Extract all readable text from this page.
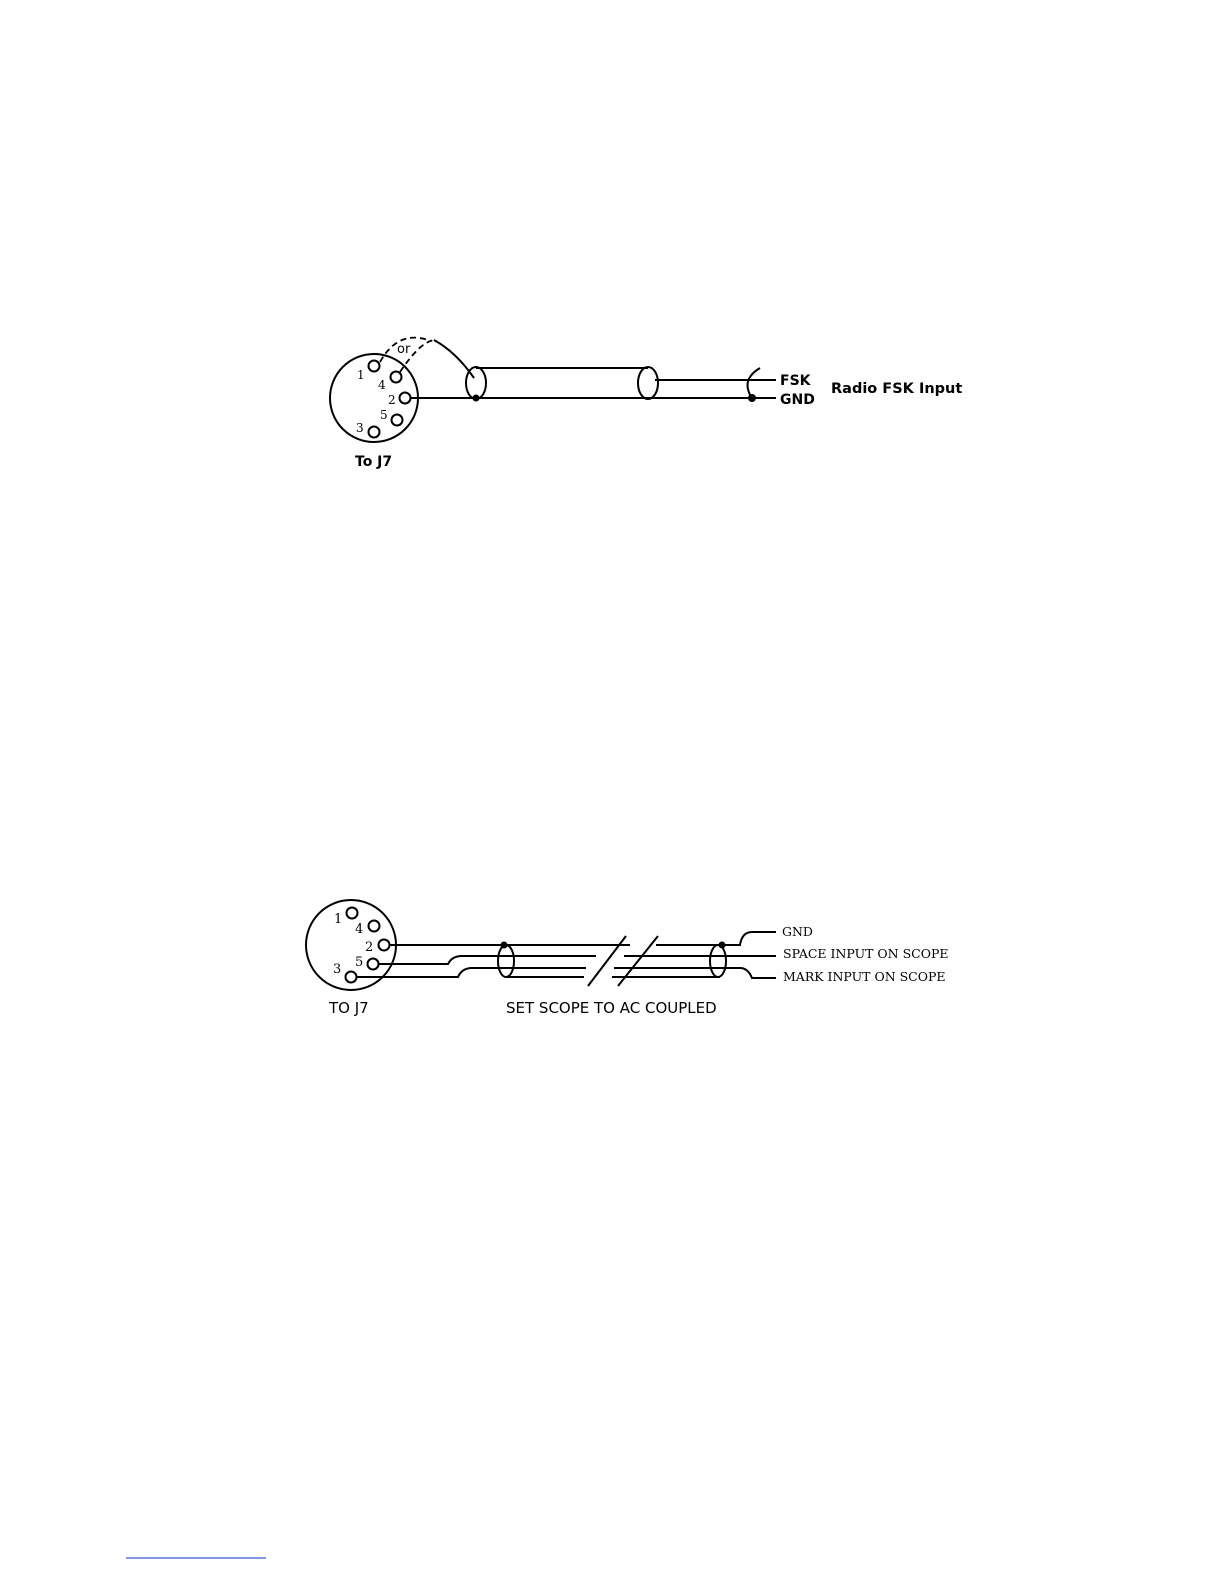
1
4
2
5
3
or
FSK
GND
Radio FSK Input
To J7
1
4
2
5
3
GND
SPACE INPUT ON SCOPE
MARK INPUT ON SCOPE
TO J7	SET SCOPE TO AC COUPLED
